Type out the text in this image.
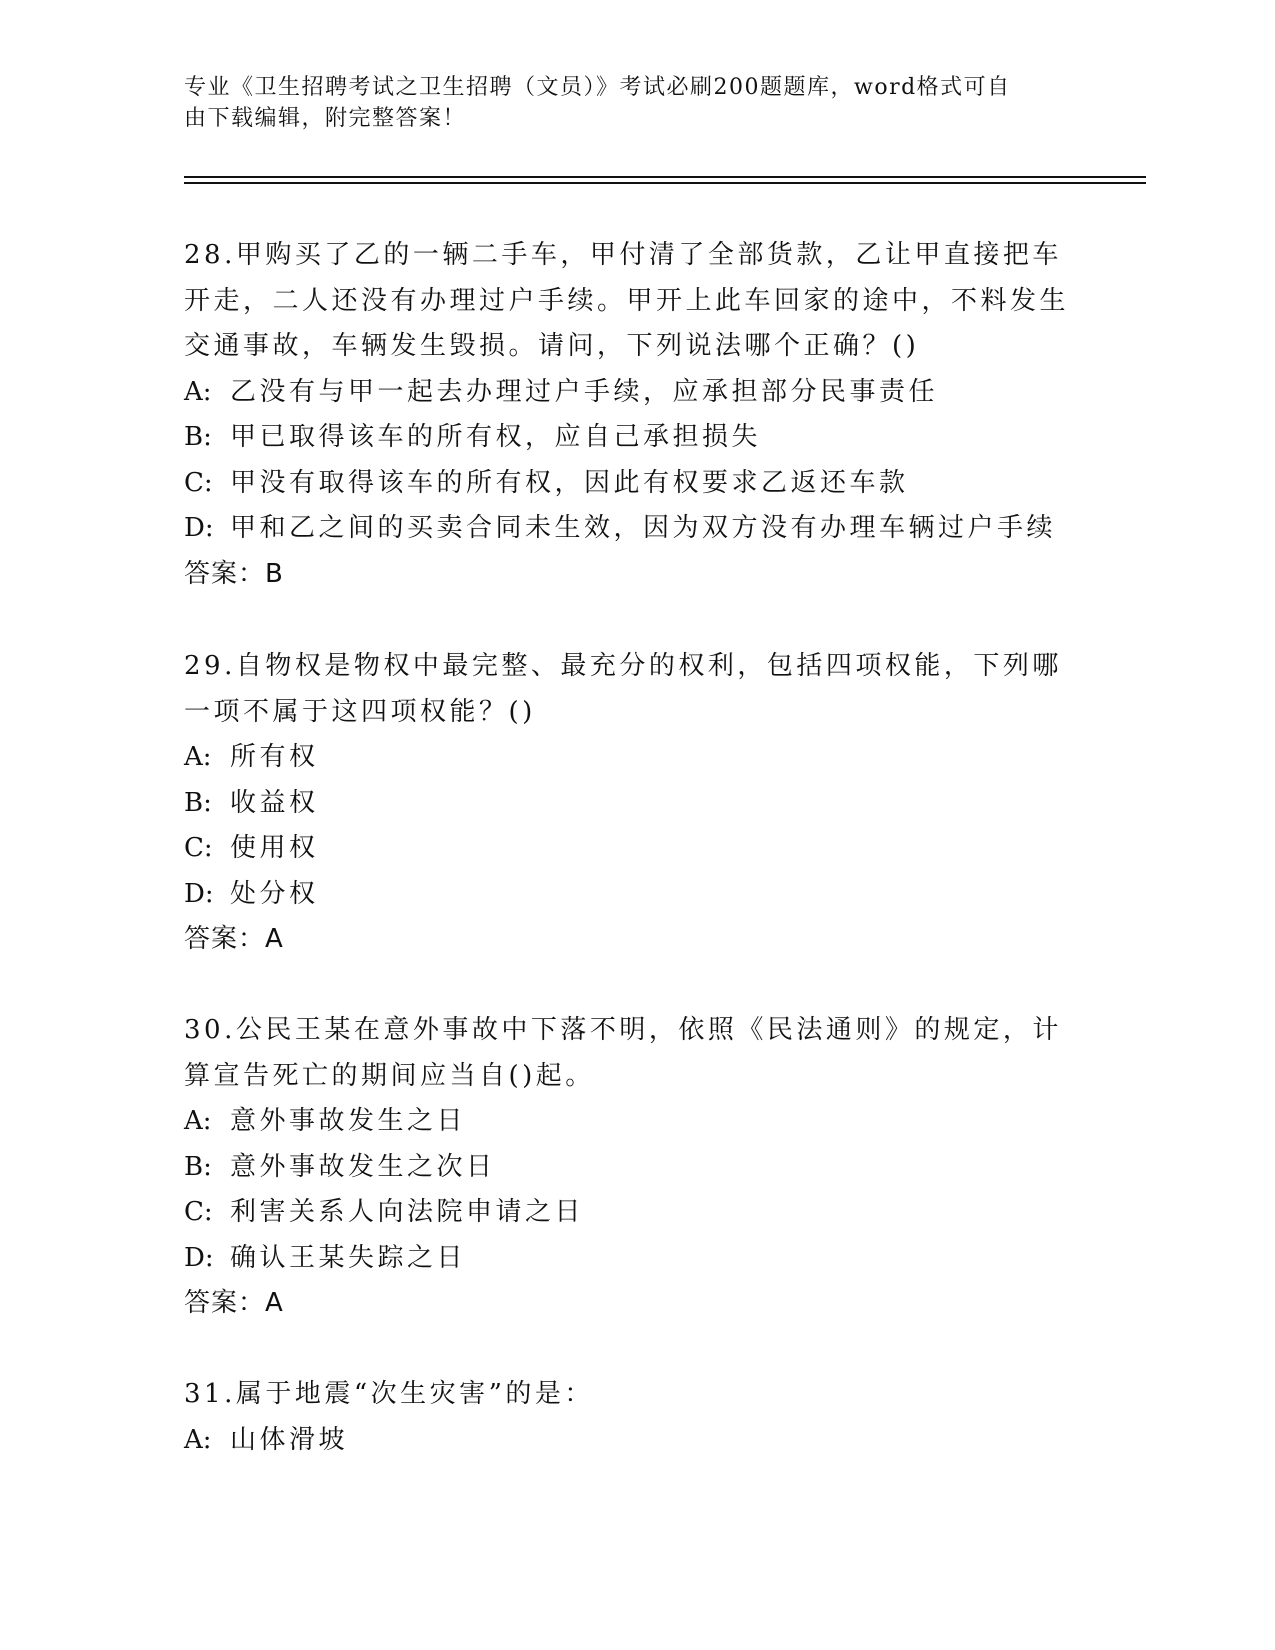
专业《卫生招聘考试之卫生招聘（文员）》考试必刷200题题库，word格式可自
由下载编辑，附完整答案！
28.甲购买了乙的一辆二手车，甲付清了全部货款，乙让甲直接把车开走，二人还没有办理过户手续。甲开上此车回家的途中，不料发生交通事故，车辆发生毁损。请问，下列说法哪个正确？()
A: 乙没有与甲一起去办理过户手续，应承担部分民事责任
B: 甲已取得该车的所有权，应自己承担损失
C: 甲没有取得该车的所有权，因此有权要求乙返还车款
D: 甲和乙之间的买卖合同未生效，因为双方没有办理车辆过户手续
答案：B
29.自物权是物权中最完整、最充分的权利，包括四项权能，下列哪一项不属于这四项权能？()
A: 所有权
B: 收益权
C: 使用权
D: 处分权
答案：A
30.公民王某在意外事故中下落不明，依照《民法通则》的规定，计算宣告死亡的期间应当自()起。
A: 意外事故发生之日
B: 意外事故发生之次日
C: 利害关系人向法院申请之日
D: 确认王某失踪之日
答案：A
31.属于地震“次生灾害”的是：
A: 山体滑坡
